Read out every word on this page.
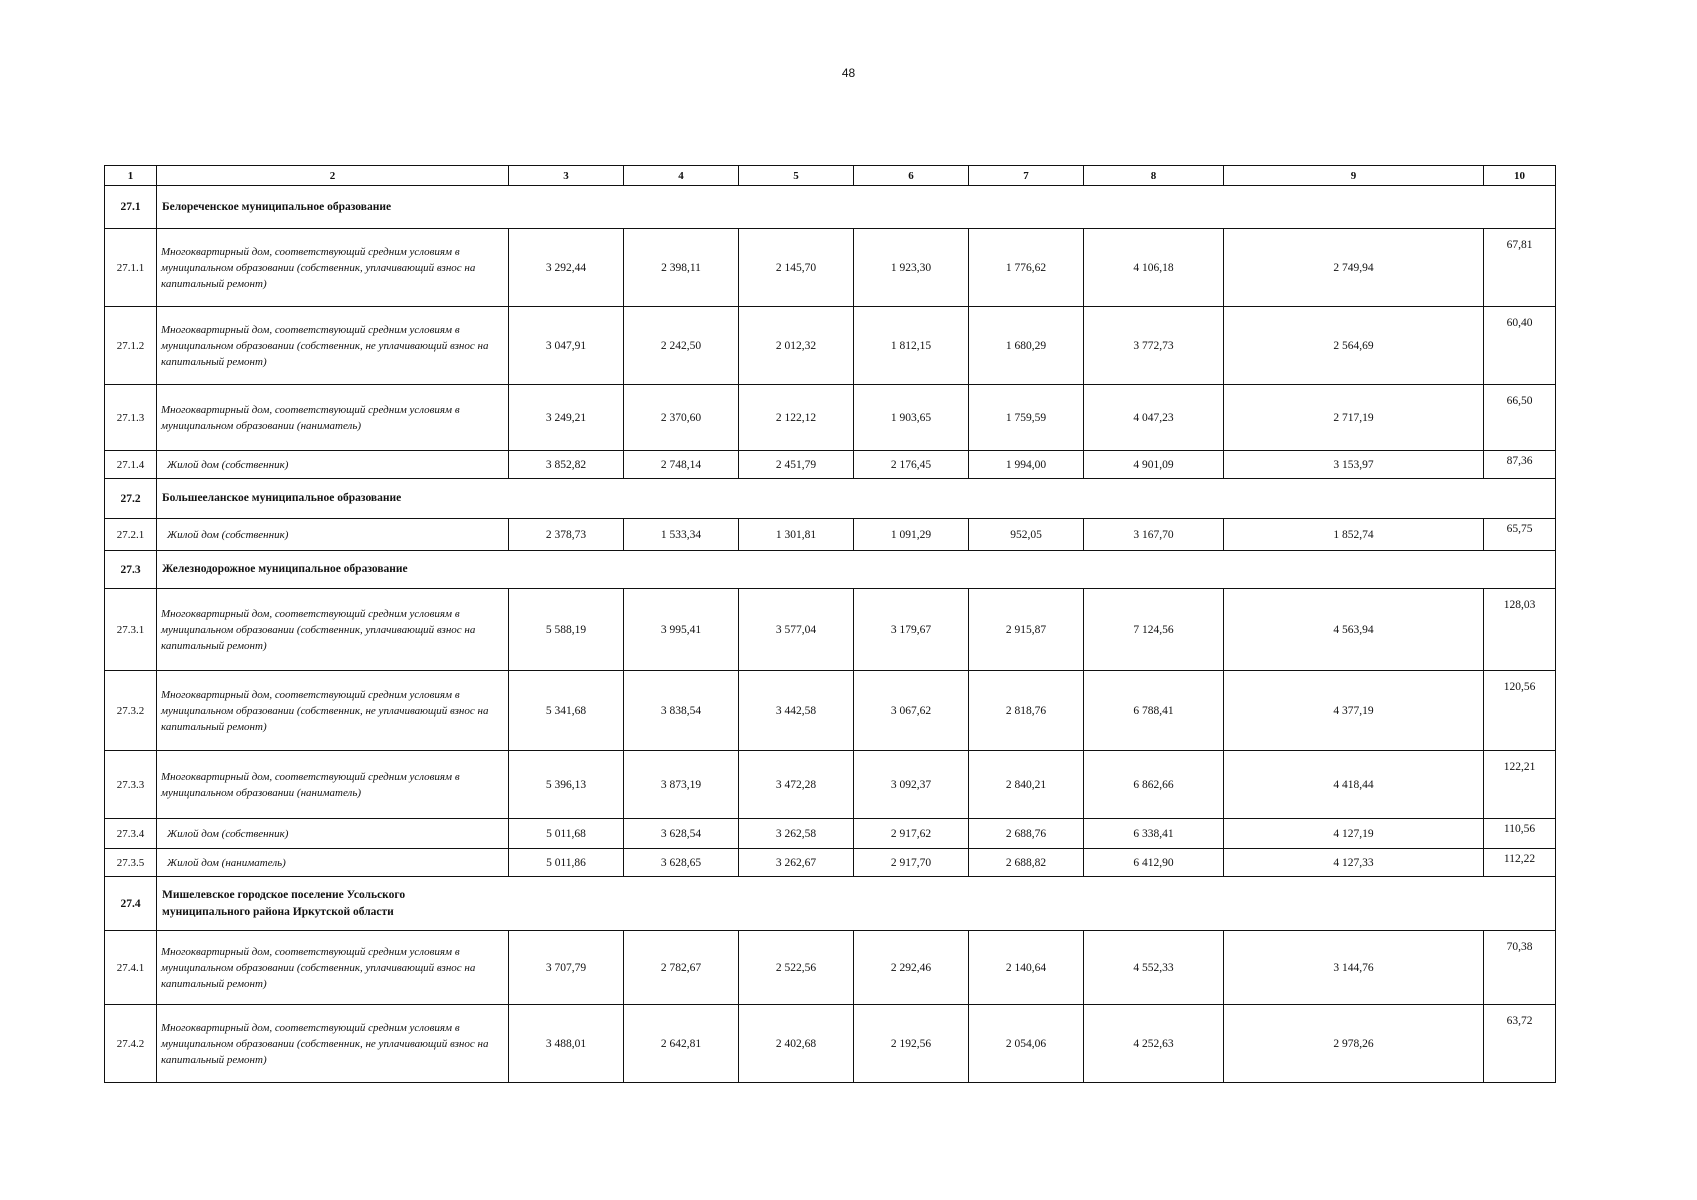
48
1	2	3	4	5	6	7	8	9	10
27.1	Белореченское муниципальное образование								
27.1.1	Многоквартирный дом, соответствующий средним условиям в муниципальном образовании (собственник, уплачивающий взнос на капитальный ремонт)	3 292,44	2 398,11	2 145,70	1 923,30	1 776,62	4 106,18	2 749,94	67,81
27.1.2	Многоквартирный дом, соответствующий средним условиям в муниципальном образовании (собственник, не уплачивающий взнос на капитальный ремонт)	3 047,91	2 242,50	2 012,32	1 812,15	1 680,29	3 772,73	2 564,69	60,40
27.1.3	Многоквартирный дом, соответствующий средним условиям в муниципальном образовании (наниматель)	3 249,21	2 370,60	2 122,12	1 903,65	1 759,59	4 047,23	2 717,19	66,50
27.1.4	Жилой дом (собственник)	3 852,82	2 748,14	2 451,79	2 176,45	1 994,00	4 901,09	3 153,97	87,36
27.2	Большееланское муниципальное образование								
27.2.1	Жилой дом (собственник)	2 378,73	1 533,34	1 301,81	1 091,29	952,05	3 167,70	1 852,74	65,75
27.3	Железнодорожное муниципальное образование								
27.3.1	Многоквартирный дом, соответствующий средним условиям в муниципальном образовании (собственник, уплачивающий взнос на капитальный ремонт)	5 588,19	3 995,41	3 577,04	3 179,67	2 915,87	7 124,56	4 563,94	128,03
27.3.2	Многоквартирный дом, соответствующий средним условиям в муниципальном образовании (собственник, не уплачивающий взнос на капитальный ремонт)	5 341,68	3 838,54	3 442,58	3 067,62	2 818,76	6 788,41	4 377,19	120,56
27.3.3	Многоквартирный дом, соответствующий средним условиям в муниципальном образовании (наниматель)	5 396,13	3 873,19	3 472,28	3 092,37	2 840,21	6 862,66	4 418,44	122,21
27.3.4	Жилой дом (собственник)	5 011,68	3 628,54	3 262,58	2 917,62	2 688,76	6 338,41	4 127,19	110,56
27.3.5	Жилой дом (наниматель)	5 011,86	3 628,65	3 262,67	2 917,70	2 688,82	6 412,90	4 127,33	112,22
27.4	Мишелевское городское поселение Усольского муниципального района Иркутской области								
27.4.1	Многоквартирный дом, соответствующий средним условиям в муниципальном образовании (собственник, уплачивающий взнос на капитальный ремонт)	3 707,79	2 782,67	2 522,56	2 292,46	2 140,64	4 552,33	3 144,76	70,38
27.4.2	Многоквартирный дом, соответствующий средним условиям в муниципальном образовании (собственник, не уплачивающий взнос на капитальный ремонт)	3 488,01	2 642,81	2 402,68	2 192,56	2 054,06	4 252,63	2 978,26	63,72
